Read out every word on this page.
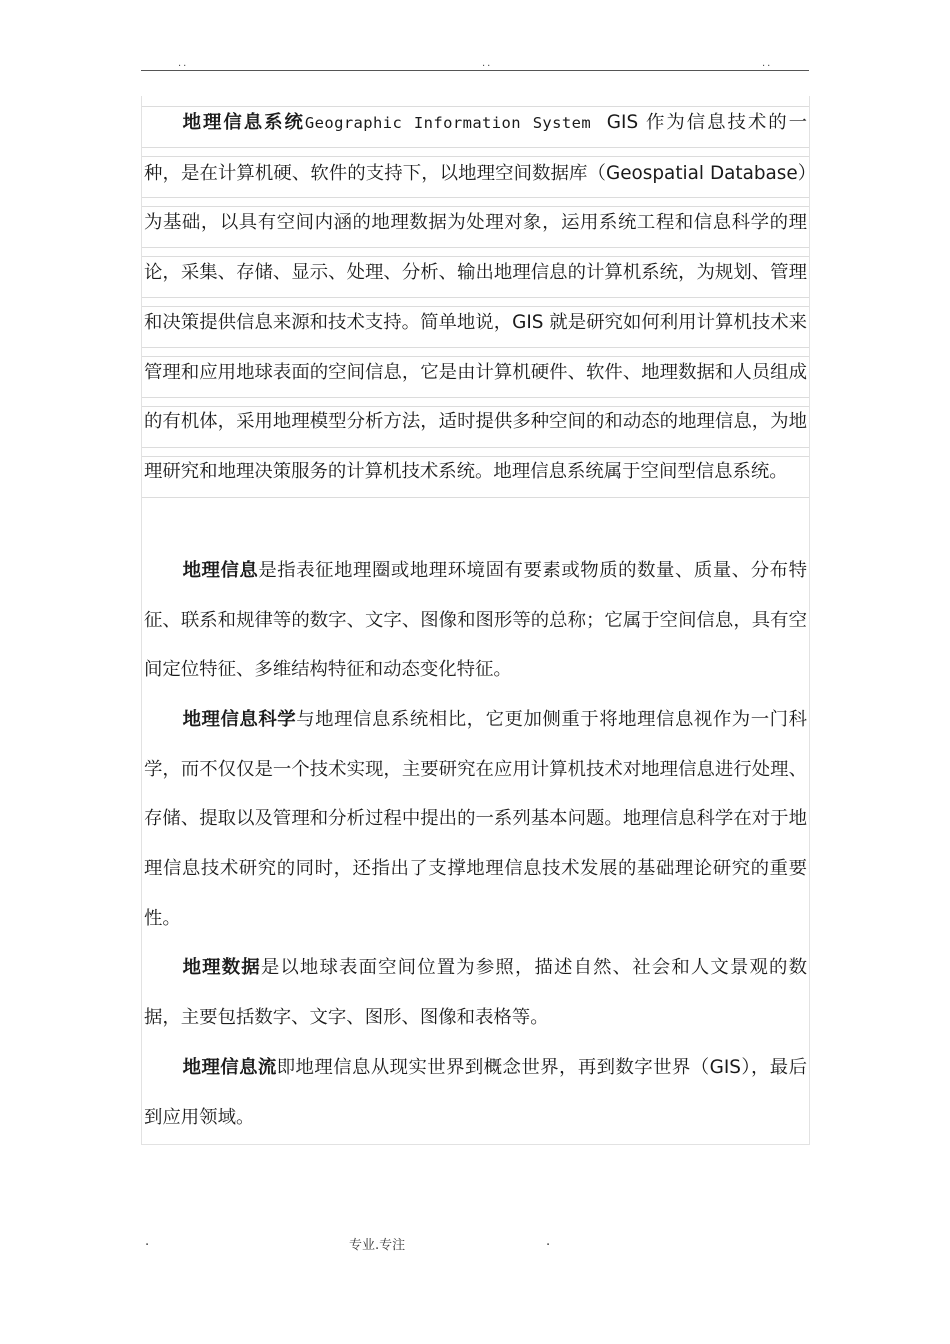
..	..	..

地理信息系统Geographic Information System GIS 作为信息技术的一种，是在计算机硬、软件的支持下，以地理空间数据库（Geospatial Database）为基础，以具有空间内涵的地理数据为处理对象，运用系统工程和信息科学的理论，采集、存储、显示、处理、分析、输出地理信息的计算机系统，为规划、管理和决策提供信息来源和技术支持。简单地说，GIS 就是研究如何利用计算机技术来管理和应用地球表面的空间信息，它是由计算机硬件、软件、地理数据和人员组成的有机体，采用地理模型分析方法，适时提供多种空间的和动态的地理信息，为地理研究和地理决策服务的计算机技术系统。地理信息系统属于空间型信息系统。

地理信息是指表征地理圈或地理环境固有要素或物质的数量、质量、分布特征、联系和规律等的数字、文字、图像和图形等的总称；它属于空间信息，具有空间定位特征、多维结构特征和动态变化特征。

地理信息科学与地理信息系统相比，它更加侧重于将地理信息视作为一门科学，而不仅仅是一个技术实现，主要研究在应用计算机技术对地理信息进行处理、存储、提取以及管理和分析过程中提出的一系列基本问题。地理信息科学在对于地理信息技术研究的同时，还指出了支撑地理信息技术发展的基础理论研究的重要性。

地理数据是以地球表面空间位置为参照，描述自然、社会和人文景观的数据，主要包括数字、文字、图形、图像和表格等。

地理信息流即地理信息从现实世界到概念世界，再到数字世界（GIS），最后到应用领域。

.	专业.专注	.
